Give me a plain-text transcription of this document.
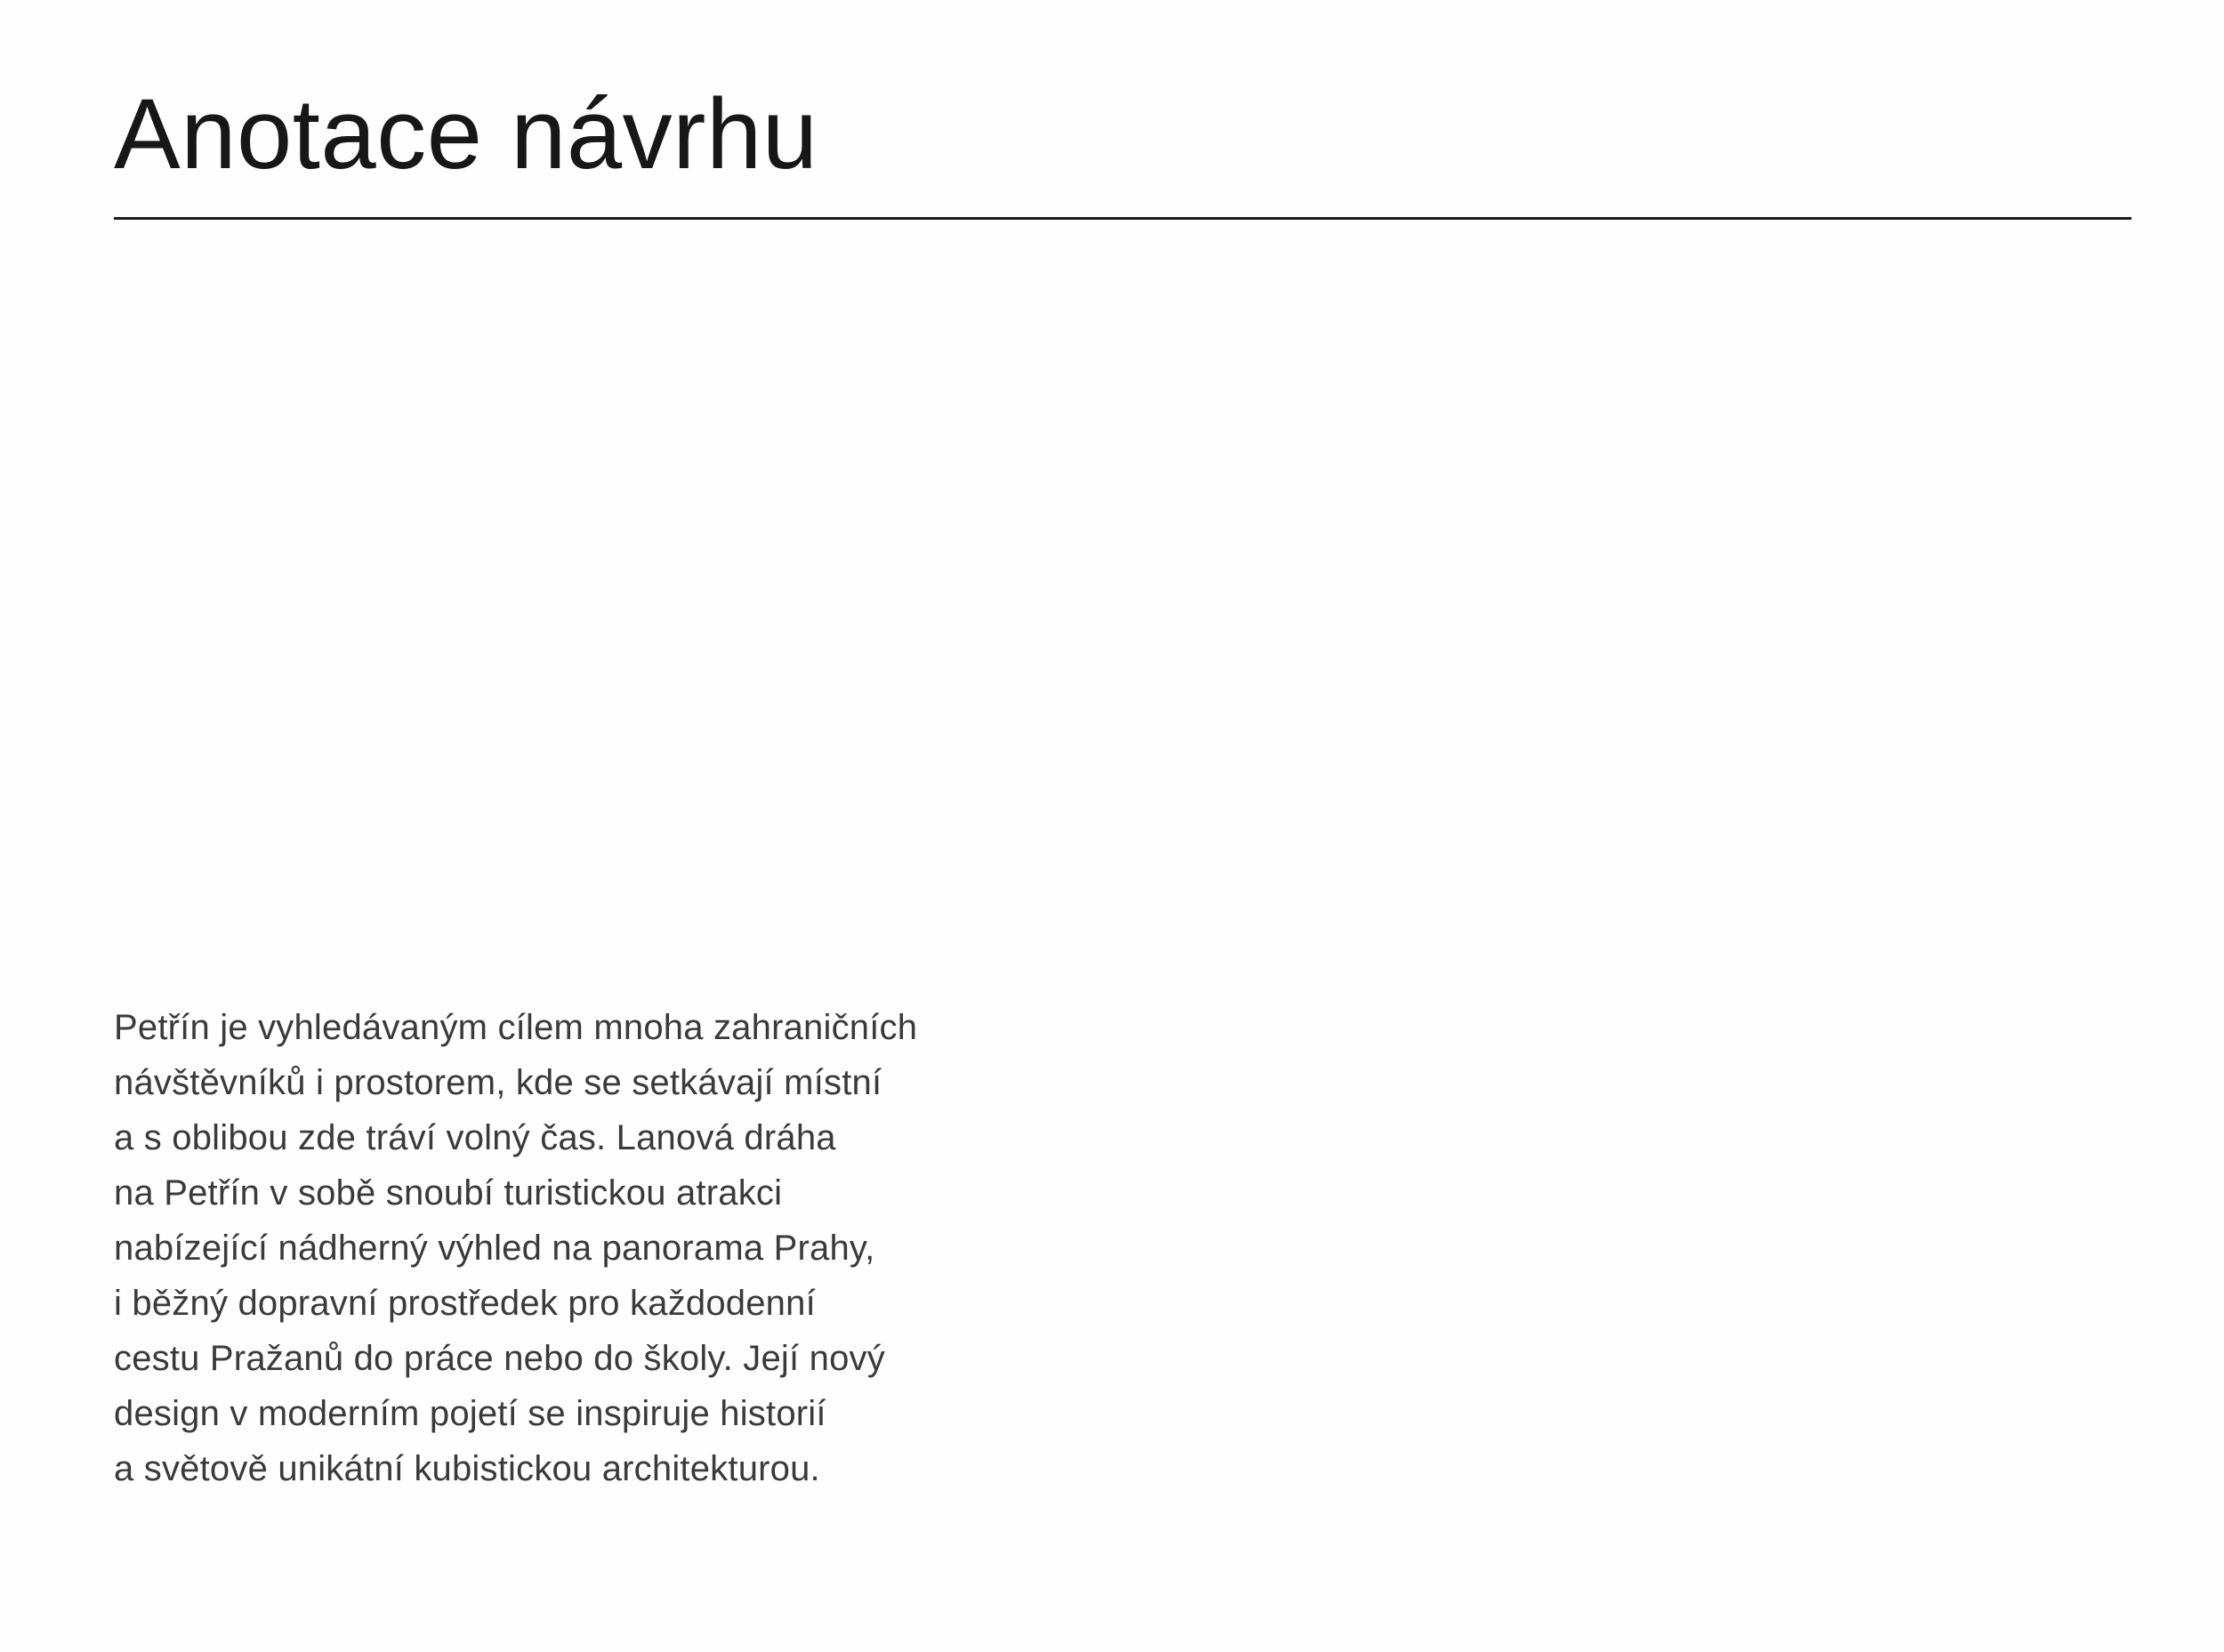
Anotace návrhu

Petřín je vyhledávaným cílem mnoha zahraničních

návštěvníků i prostorem, kde se setkávají místní

a s oblibou zde tráví volný čas. Lanová dráha

na Petřín v sobě snoubí turistickou atrakci

nabízející nádherný výhled na panorama Prahy,

i běžný dopravní prostředek pro každodenní

cestu Pražanů do práce nebo do školy. Její nový

design v moderním pojetí se inspiruje historií

a světově unikátní kubistickou architekturou.
